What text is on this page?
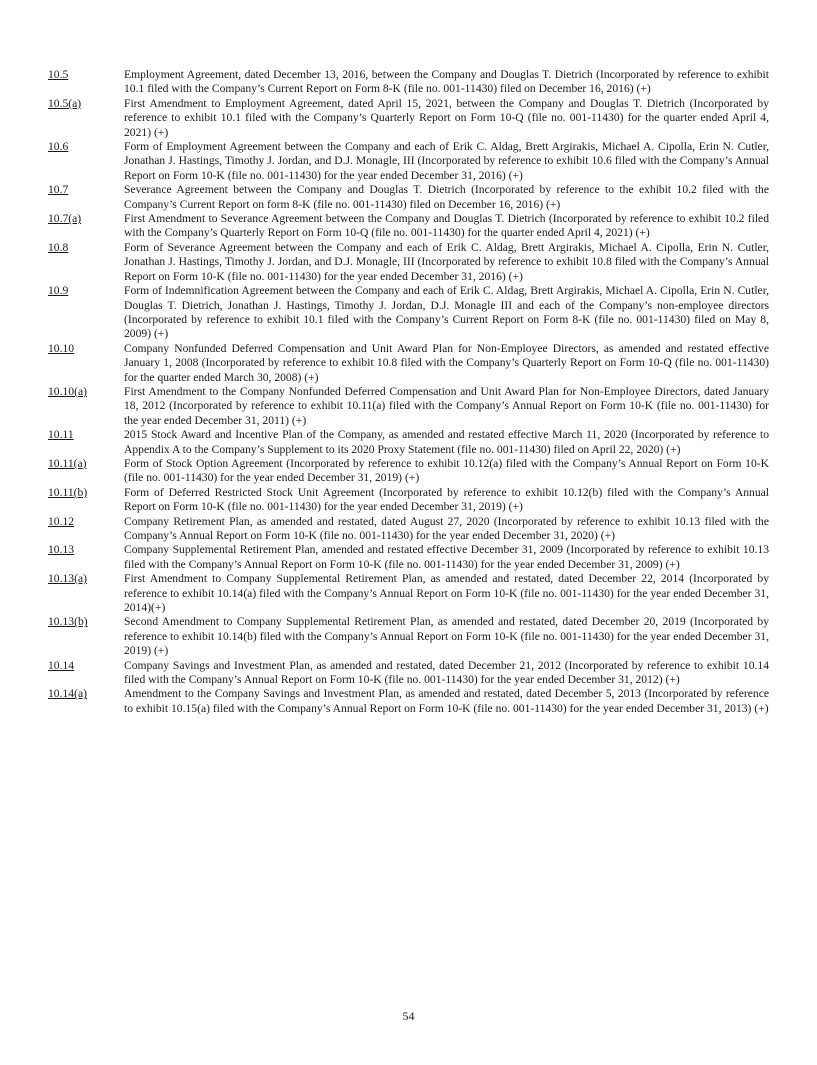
10.5	Employment Agreement, dated December 13, 2016, between the Company and Douglas T. Dietrich (Incorporated by reference to exhibit 10.1 filed with the Company’s Current Report on Form 8-K (file no. 001-11430) filed on December 16, 2016) (+)
10.5(a)	First Amendment to Employment Agreement, dated April 15, 2021, between the Company and Douglas T. Dietrich (Incorporated by reference to exhibit 10.1 filed with the Company’s Quarterly Report on Form 10-Q (file no. 001-11430) for the quarter ended April 4, 2021) (+)
10.6	Form of Employment Agreement between the Company and each of Erik C. Aldag, Brett Argirakis, Michael A. Cipolla, Erin N. Cutler, Jonathan J. Hastings, Timothy J. Jordan, and D.J. Monagle, III (Incorporated by reference to exhibit 10.6 filed with the Company’s Annual Report on Form 10-K (file no. 001-11430) for the year ended December 31, 2016) (+)
10.7	Severance Agreement between the Company and Douglas T. Dietrich (Incorporated by reference to the exhibit 10.2 filed with the Company’s Current Report on form 8-K (file no. 001-11430) filed on December 16, 2016) (+)
10.7(a)	First Amendment to Severance Agreement between the Company and Douglas T. Dietrich (Incorporated by reference to exhibit 10.2 filed with the Company’s Quarterly Report on Form 10-Q (file no. 001-11430) for the quarter ended April 4, 2021) (+)
10.8	Form of Severance Agreement between the Company and each of Erik C. Aldag, Brett Argirakis, Michael A. Cipolla, Erin N. Cutler, Jonathan J. Hastings, Timothy J. Jordan, and D.J. Monagle, III (Incorporated by reference to exhibit 10.8 filed with the Company’s Annual Report on Form 10-K (file no. 001-11430) for the year ended December 31, 2016) (+)
10.9	Form of Indemnification Agreement between the Company and each of Erik C. Aldag, Brett Argirakis, Michael A. Cipolla, Erin N. Cutler, Douglas T. Dietrich, Jonathan J. Hastings, Timothy J. Jordan, D.J. Monagle III and each of the Company’s non-employee directors (Incorporated by reference to exhibit 10.1 filed with the Company’s Current Report on Form 8-K (file no. 001-11430) filed on May 8, 2009) (+)
10.10	Company Nonfunded Deferred Compensation and Unit Award Plan for Non-Employee Directors, as amended and restated effective January 1, 2008 (Incorporated by reference to exhibit 10.8 filed with the Company’s Quarterly Report on Form 10-Q (file no. 001-11430) for the quarter ended March 30, 2008) (+)
10.10(a)	First Amendment to the Company Nonfunded Deferred Compensation and Unit Award Plan for Non-Employee Directors, dated January 18, 2012 (Incorporated by reference to exhibit 10.11(a) filed with the Company’s Annual Report on Form 10-K (file no. 001-11430) for the year ended December 31, 2011) (+)
10.11	2015 Stock Award and Incentive Plan of the Company, as amended and restated effective March 11, 2020 (Incorporated by reference to Appendix A to the Company’s Supplement to its 2020 Proxy Statement (file no. 001-11430) filed on April 22, 2020) (+)
10.11(a)	Form of Stock Option Agreement (Incorporated by reference to exhibit 10.12(a) filed with the Company’s Annual Report on Form 10-K (file no. 001-11430) for the year ended December 31, 2019) (+)
10.11(b)	Form of Deferred Restricted Stock Unit Agreement (Incorporated by reference to exhibit 10.12(b) filed with the Company’s Annual Report on Form 10-K (file no. 001-11430) for the year ended December 31, 2019) (+)
10.12	Company Retirement Plan, as amended and restated, dated August 27, 2020 (Incorporated by reference to exhibit 10.13 filed with the Company’s Annual Report on Form 10-K (file no. 001-11430) for the year ended December 31, 2020) (+)
10.13	Company Supplemental Retirement Plan, amended and restated effective December 31, 2009 (Incorporated by reference to exhibit 10.13 filed with the Company’s Annual Report on Form 10-K (file no. 001-11430) for the year ended December 31, 2009) (+)
10.13(a)	First Amendment to Company Supplemental Retirement Plan, as amended and restated, dated December 22, 2014 (Incorporated by reference to exhibit 10.14(a) filed with the Company’s Annual Report on Form 10-K (file no. 001-11430) for the year ended December 31, 2014)(+)
10.13(b)	Second Amendment to Company Supplemental Retirement Plan, as amended and restated, dated December 20, 2019 (Incorporated by reference to exhibit 10.14(b) filed with the Company’s Annual Report on Form 10-K (file no. 001-11430) for the year ended December 31, 2019) (+)
10.14	Company Savings and Investment Plan, as amended and restated, dated December 21, 2012 (Incorporated by reference to exhibit 10.14 filed with the Company’s Annual Report on Form 10-K (file no. 001-11430) for the year ended December 31, 2012) (+)
10.14(a)	Amendment to the Company Savings and Investment Plan, as amended and restated, dated December 5, 2013 (Incorporated by reference to exhibit 10.15(a) filed with the Company’s Annual Report on Form 10-K (file no. 001-11430) for the year ended December 31, 2013) (+)
54
